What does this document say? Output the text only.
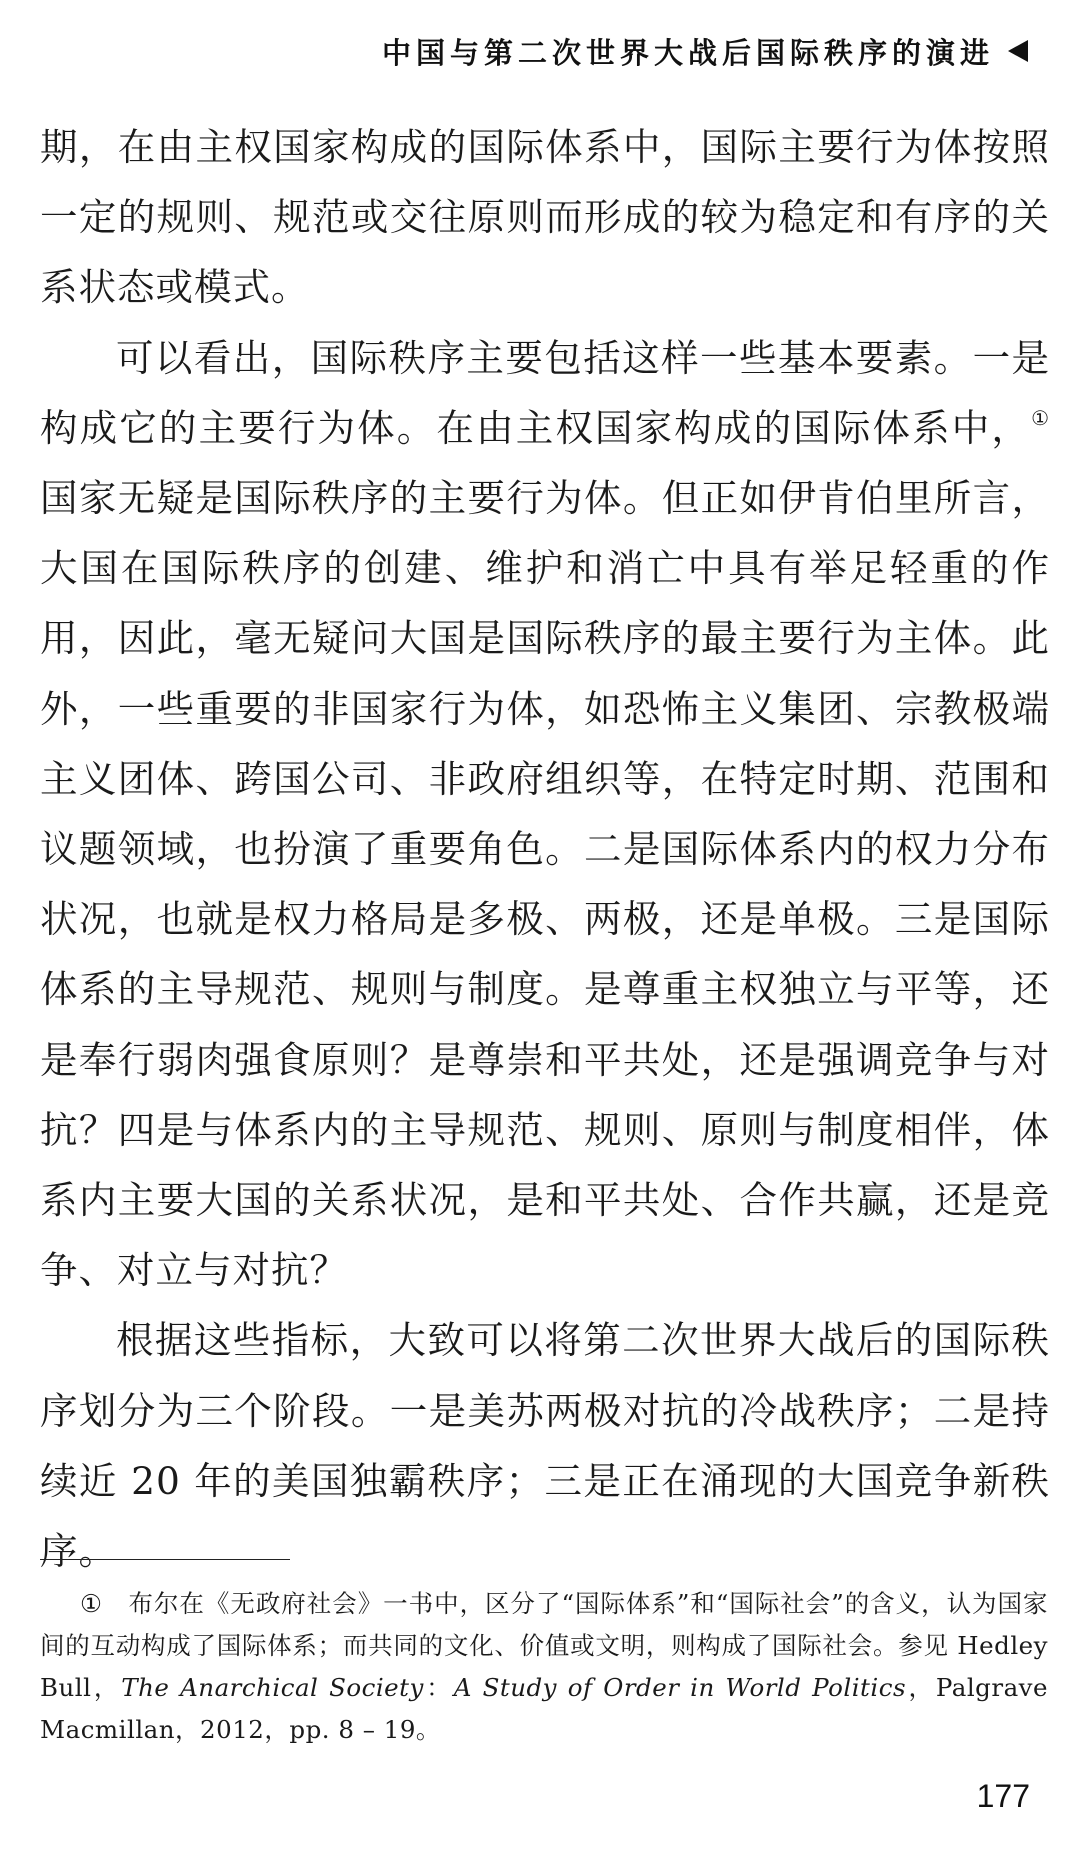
中国与第二次世界大战后国际秩序的演进

期，在由主权国家构成的国际体系中，国际主要行为体按照一定的规则、规范或交往原则而形成的较为稳定和有序的关系状态或模式。

可以看出，国际秩序主要包括这样一些基本要素。一是构成它的主要行为体。在由主权国家构成的国际体系中，①国家无疑是国际秩序的主要行为体。但正如伊肯伯里所言，大国在国际秩序的创建、维护和消亡中具有举足轻重的作用，因此，毫无疑问大国是国际秩序的最主要行为主体。此外，一些重要的非国家行为体，如恐怖主义集团、宗教极端主义团体、跨国公司、非政府组织等，在特定时期、范围和议题领域，也扮演了重要角色。二是国际体系内的权力分布状况，也就是权力格局是多极、两极，还是单极。三是国际体系的主导规范、规则与制度。是尊重主权独立与平等，还是奉行弱肉强食原则？是尊崇和平共处，还是强调竞争与对抗？四是与体系内的主导规范、规则、原则与制度相伴，体系内主要大国的关系状况，是和平共处、合作共赢，还是竞争、对立与对抗？

根据这些指标，大致可以将第二次世界大战后的国际秩序划分为三个阶段。一是美苏两极对抗的冷战秩序；二是持续近 20 年的美国独霸秩序；三是正在涌现的大国竞争新秩序。

① 布尔在《无政府社会》一书中，区分了“国际体系”和“国际社会”的含义，认为国家间的互动构成了国际体系；而共同的文化、价值或文明，则构成了国际社会。参见 Hedley Bull，The Anarchical Society：A Study of Order in World Politics，Palgrave Macmillan，2012，pp. 8 – 19。

177
